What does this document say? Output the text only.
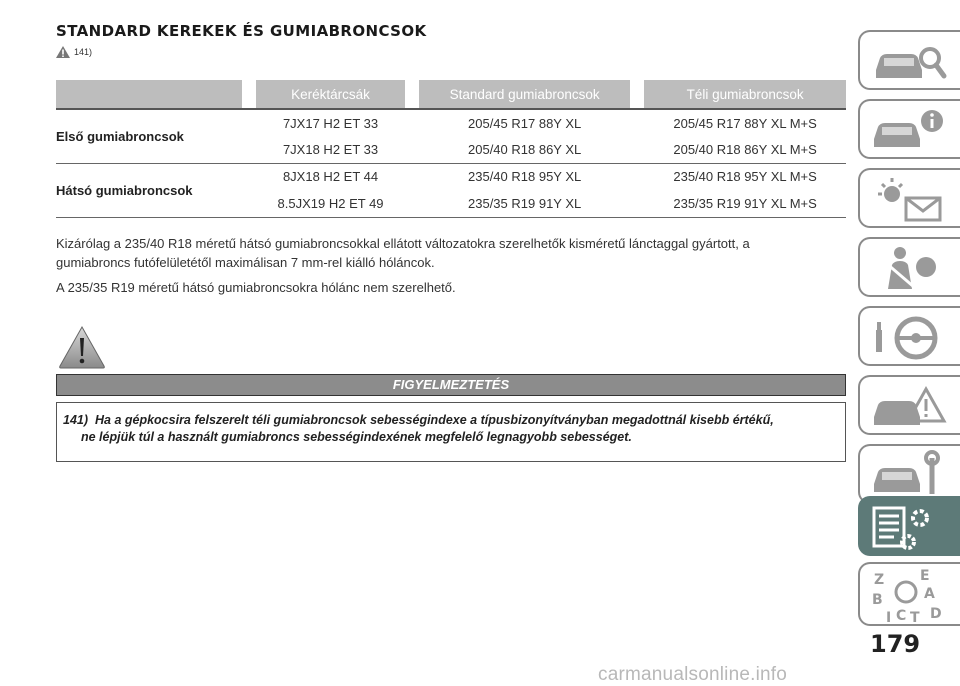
STANDARD KEREKEK ÉS GUMIABRONCSOK
141)
		Keréktárcsák		Standard gumiabroncsok		Téli gumiabroncsok
Első gumiabroncsok		7JX17 H2 ET 33		205/45 R17 88Y XL		205/45 R17 88Y XL M+S
		7JX18 H2 ET 33		205/40 R18 86Y XL		205/40 R18 86Y XL M+S
Hátsó gumiabroncsok		8JX18 H2 ET 44		235/40 R18 95Y XL		235/40 R18 95Y XL M+S
		8.5JX19 H2 ET 49		235/35 R19 91Y XL		235/35 R19 91Y XL M+S
Kizárólag a 235/40 R18 méretű hátsó gumiabroncsokkal ellátott változatokra szerelhetők kisméretű lánctaggal gyártott, a
gumiabroncs futófelületétől maximálisan 7 mm-rel kiálló hóláncok.
A 235/35 R19 méretű hátsó gumiabroncsokra hólánc nem szerelhető.
FIGYELMEZTETÉS
141) Ha a gépkocsira felszerelt téli gumiabroncsok sebességindexe a típusbizonyítványban megadottnál kisebb értékű,
ne lépjük túl a használt gumiabroncs sebességindexének megfelelő legnagyobb sebességet.
Z	E
B	A
I C T D
179
carmanualsonline.info
